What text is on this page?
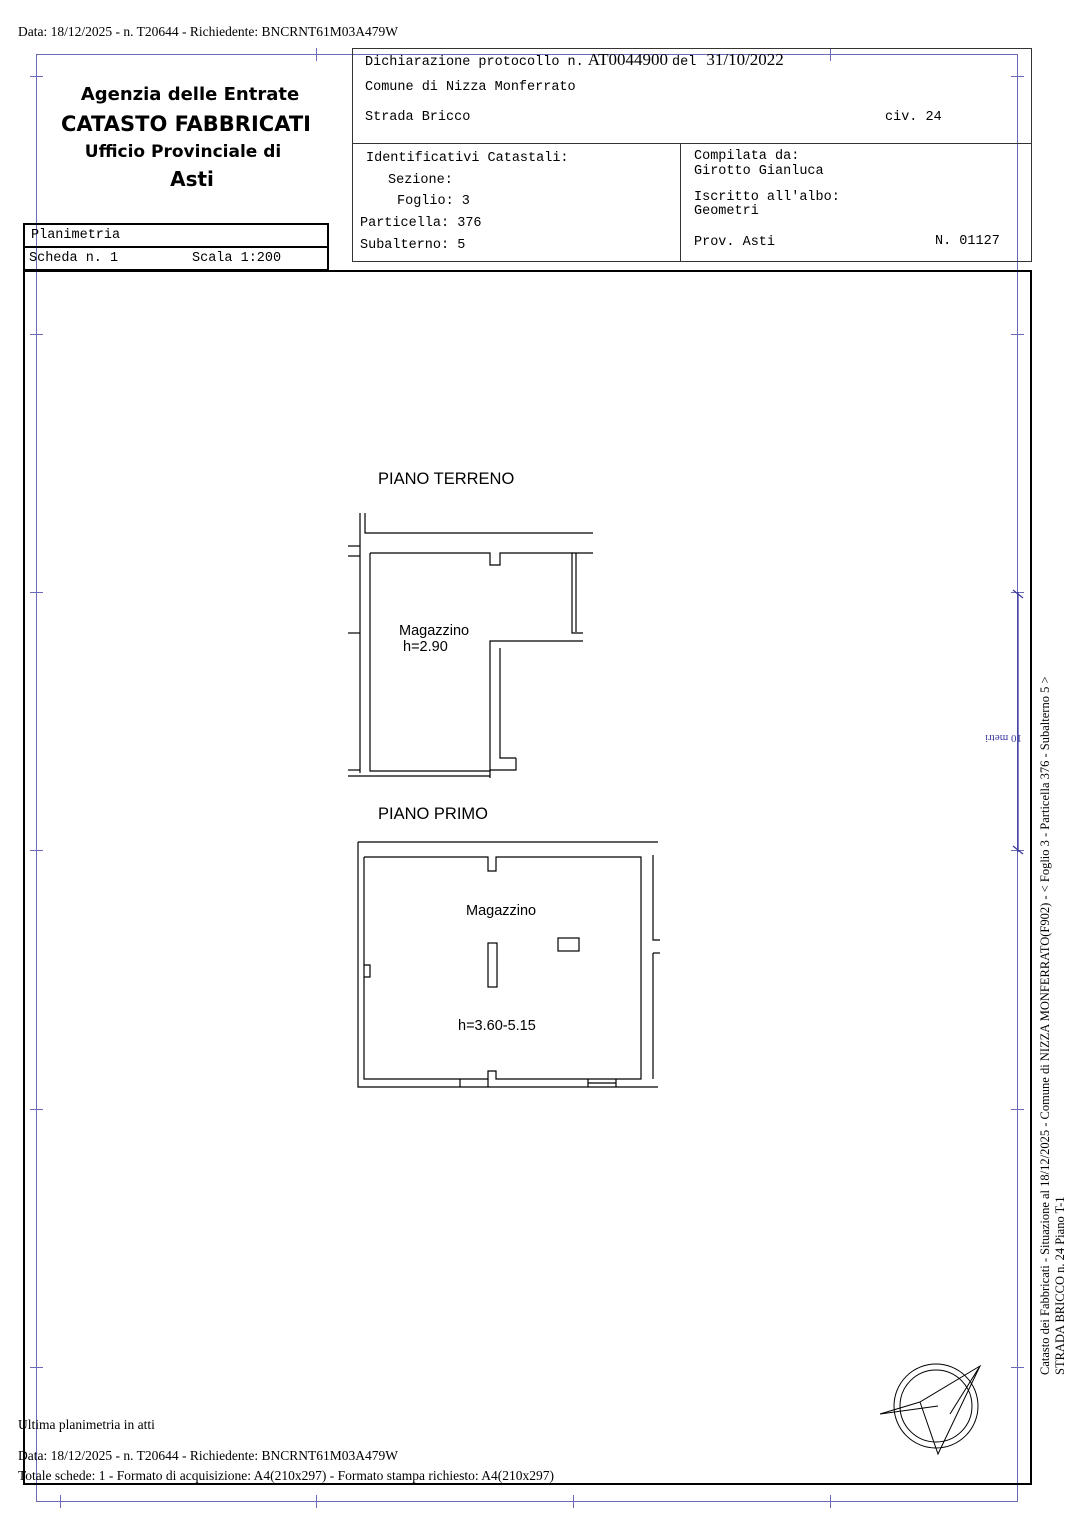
Data: 18/12/2025 - n. T20644 - Richiedente: BNCRNT61M03A479W
Agenzia delle Entrate
CATASTO FABBRICATI
Ufficio Provinciale di
Asti
Dichiarazione protocollo n. AT0044900 del 31/10/2022
Comune di Nizza Monferrato
Strada Bricco	civ. 24
Identificativi Catastali:
Sezione:
Foglio: 3
Particella: 376
Subalterno: 5
Compilata da:
Girotto Gianluca
Iscritto all'albo:
Geometri
Prov. Asti	N. 01127
Planimetria
Scheda n. 1	Scala 1:200
PIANO TERRENO
Magazzino
h=2.90
PIANO PRIMO
Magazzino
h=3.60-5.15
10 metri Catasto dei Fabbricati - Situazione al 18/12/2025 - Comune di NIZZA MONFERRATO(F902) - < Foglio 3 - Particella 376 - Subalterno 5 > STRADA BRICCO n. 24 Piano T-1
Ultima planimetria in atti
Data: 18/12/2025 - n. T20644 - Richiedente: BNCRNT61M03A479W
Totale schede: 1 - Formato di acquisizione: A4(210x297) - Formato stampa richiesto: A4(210x297)
